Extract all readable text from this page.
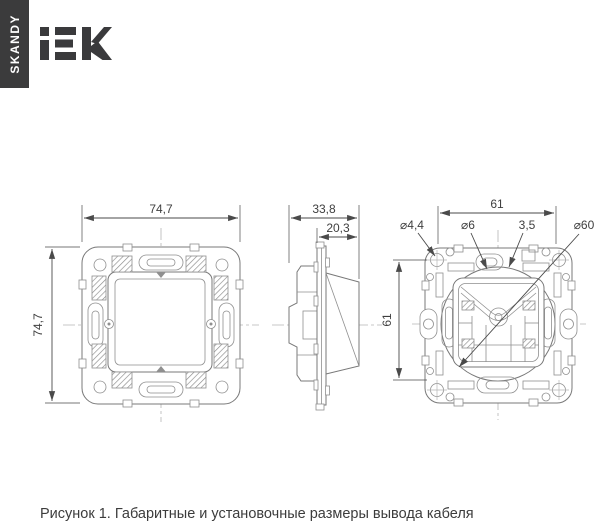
74,7
74,7
33,8
20,3	⌀4,4	⌀6	3,5	⌀60
61
61
SKANDY
Рисунок 1. Габаритные и установочные размеры вывода кабеля
